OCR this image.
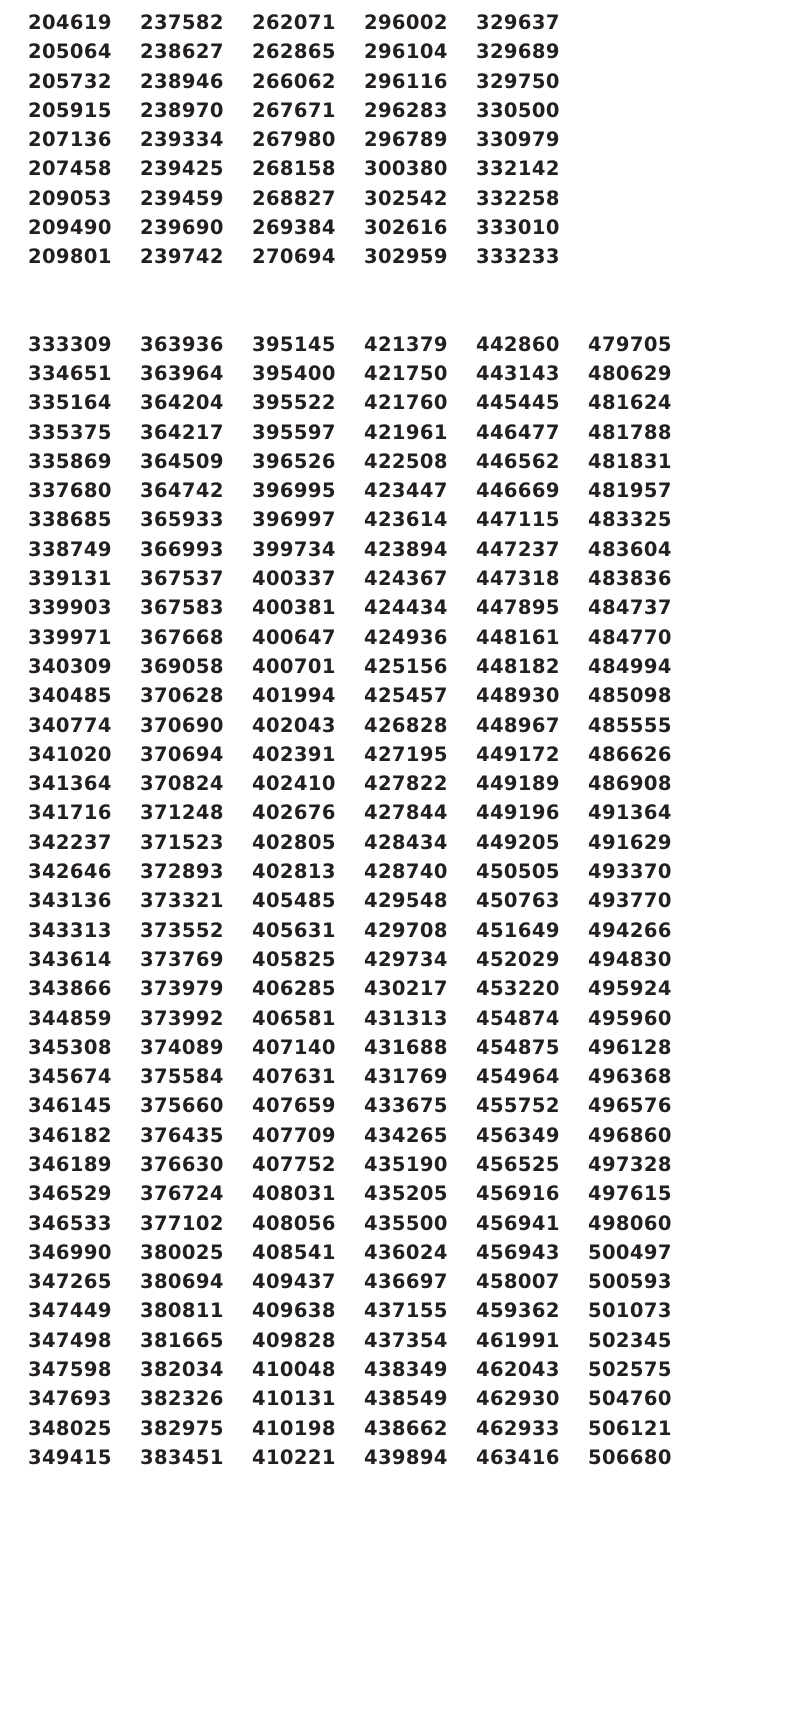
204619	237582	262071	296002	329637	
205064	238627	262865	296104	329689	
205732	238946	266062	296116	329750	
205915	238970	267671	296283	330500	
207136	239334	267980	296789	330979	
207458	239425	268158	300380	332142	
209053	239459	268827	302542	332258	
209490	239690	269384	302616	333010	
209801	239742	270694	302959	333233	
333309	363936	395145	421379	442860	479705
334651	363964	395400	421750	443143	480629
335164	364204	395522	421760	445445	481624
335375	364217	395597	421961	446477	481788
335869	364509	396526	422508	446562	481831
337680	364742	396995	423447	446669	481957
338685	365933	396997	423614	447115	483325
338749	366993	399734	423894	447237	483604
339131	367537	400337	424367	447318	483836
339903	367583	400381	424434	447895	484737
339971	367668	400647	424936	448161	484770
340309	369058	400701	425156	448182	484994
340485	370628	401994	425457	448930	485098
340774	370690	402043	426828	448967	485555
341020	370694	402391	427195	449172	486626
341364	370824	402410	427822	449189	486908
341716	371248	402676	427844	449196	491364
342237	371523	402805	428434	449205	491629
342646	372893	402813	428740	450505	493370
343136	373321	405485	429548	450763	493770
343313	373552	405631	429708	451649	494266
343614	373769	405825	429734	452029	494830
343866	373979	406285	430217	453220	495924
344859	373992	406581	431313	454874	495960
345308	374089	407140	431688	454875	496128
345674	375584	407631	431769	454964	496368
346145	375660	407659	433675	455752	496576
346182	376435	407709	434265	456349	496860
346189	376630	407752	435190	456525	497328
346529	376724	408031	435205	456916	497615
346533	377102	408056	435500	456941	498060
346990	380025	408541	436024	456943	500497
347265	380694	409437	436697	458007	500593
347449	380811	409638	437155	459362	501073
347498	381665	409828	437354	461991	502345
347598	382034	410048	438349	462043	502575
347693	382326	410131	438549	462930	504760
348025	382975	410198	438662	462933	506121
349415	383451	410221	439894	463416	506680
